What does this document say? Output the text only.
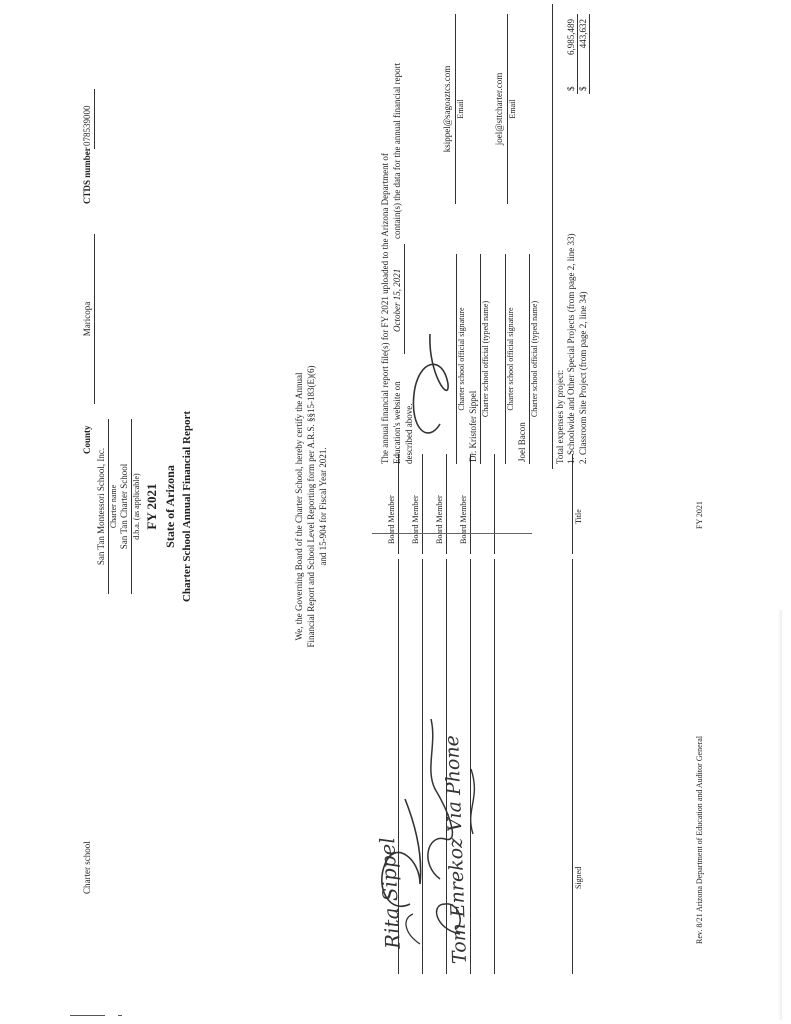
Charter school
San Tan Montessori School, Inc. Charter name San Tan Charter School d.b.a. (as applicable) FY 2021 State of Arizona Charter School Annual Financial Report	We, the Governing Board of the Charter School, hereby certify the Annual Financial Report and School Level Reporting form per A.R.S. §§15-183(E)(6) and 15-904 for Fiscal Year 2021.	Board Member Board Member Board Member Board Member
Signed
Title
Rita Sippel Tom Enrekoz Via Phone
County
Maricopa
CTDS number
078539000
The annual financial report file(s) for FY 2021 uploaded to the Arizona Department of Education's website on
October 15, 2021
contain(s) the data for the annual financial report
described above.
Charter school official signature
Dr. Kristofer Sippel
Charter school official (typed name)
ksippel@sagoaztcs.com Email
Charter school official signature
Joel Bacon
Charter school official (typed name)
joel@sttcharter.com Email
Total expenses by project: 1. Schoolwide and Other Special Projects (from page 2, line 33)
$
6,985,489
2. Classroom Site Project (from page 2, line 34)
$
443,632
Rev. 8/21 Arizona Department of Education and Auditor General
FY 2021
